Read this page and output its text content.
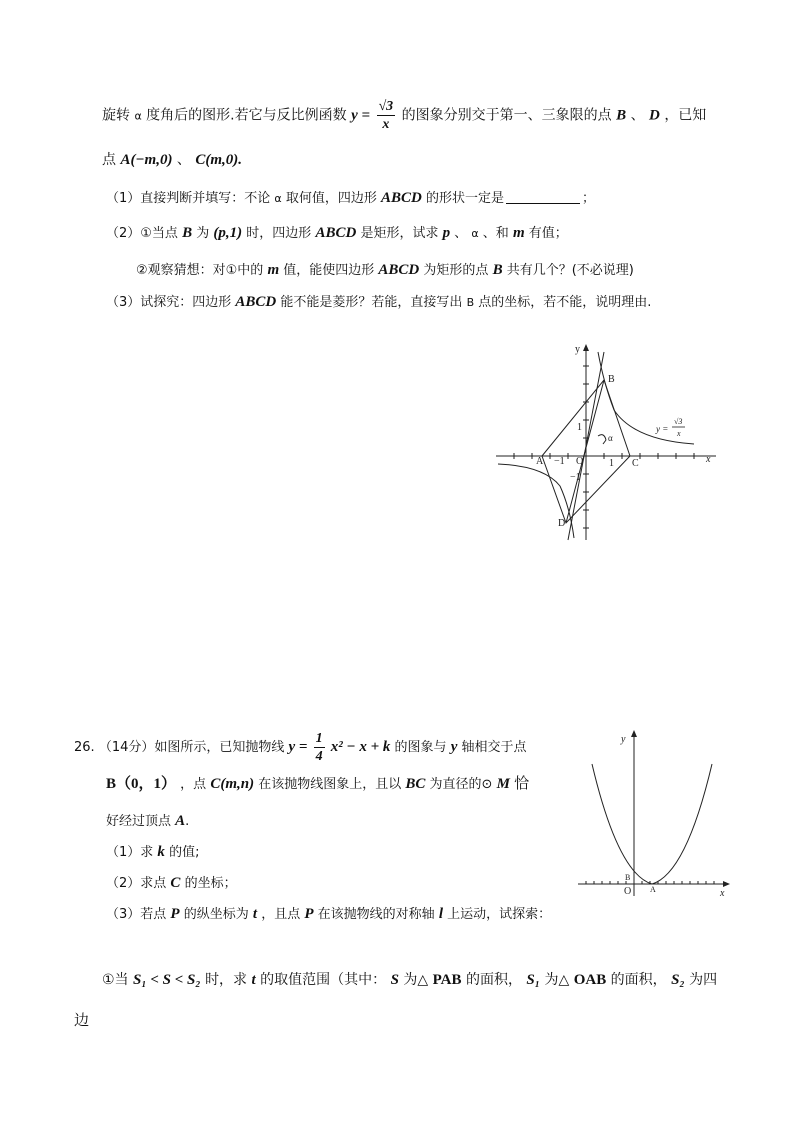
旋转 α 度角后的图形.若它与反比例函数 $y = \frac{√3}{x}$ 的图象分别交于第一、三象限的点 B 、 D ，已知
点 A(−m,0) 、 C(m,0).
（1）直接判断并填写：不论 α 取何值，四边形 ABCD 的形状一定是	；
（2）①当点 B 为 (p,1) 时，四边形 ABCD 是矩形，试求 p 、 α 、和 m 有值；
②观察猜想：对①中的 m 值，能使四边形 ABCD 为矩形的点 B 共有几个？(不必说理)
（3）试探究：四边形 ABCD 能不能是菱形？若能，直接写出 B 点的坐标，若不能，说明理由.
y
x
A
B
C
D
O
−1	1
1
−1
α
y =
√3
x
26. （14分）如图所示，已知抛物线 $y = \frac{1}{4} x^2 - x + k$ 的图象与 y 轴相交于点
B（0，1） ，点 C(m,n) 在该抛物线图象上，且以 BC 为直径的⊙ M 恰
好经过顶点 A.
（1）求 k 的值;
（2）求点 C 的坐标；
（3）若点 P 的纵坐标为 t ，且点 P 在该抛物线的对称轴 l 上运动，试探索：
①当 S₁ < S < S₂ 时，求 t 的取值范围（其中： S 为△ PAB 的面积， S₁ 为△ OAB 的面积， S₂ 为四
边
y
x
O
B
A
